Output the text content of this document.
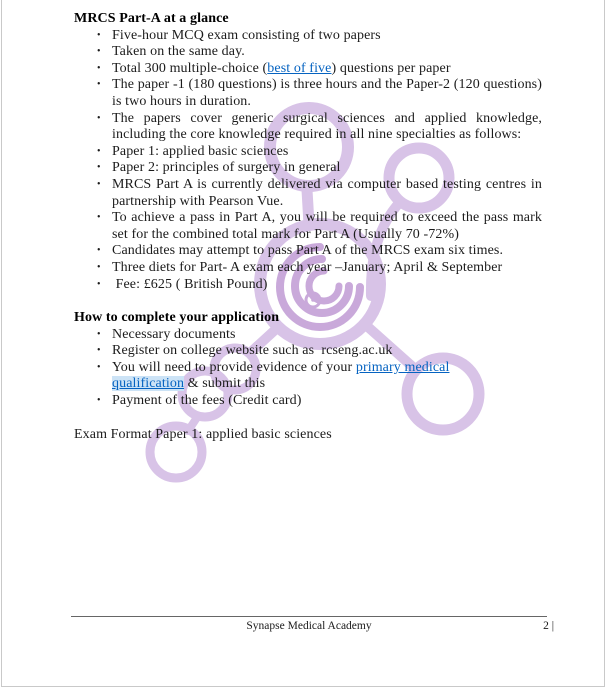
MRCS Part-A at a glance
• Five-hour MCQ exam consisting of two papers
• Taken on the same day.
• Total 300 multiple-choice (best of five) questions per paper
• The paper -1 (180 questions) is three hours and the Paper-2 (120 questions) is two hours in duration.
• The papers cover generic surgical sciences and applied knowledge, including the core knowledge required in all nine specialties as follows:
• Paper 1: applied basic sciences
• Paper 2: principles of surgery in general
• MRCS Part A is currently delivered via computer based testing centres in partnership with Pearson Vue.
• To achieve a pass in Part A, you will be required to exceed the pass mark set for the combined total mark for Part A (Usually 70 -72%)
• Candidates may attempt to pass Part A of the MRCS exam six times.
• Three diets for Part- A exam each year –January; April & September
• Fee: £625 ( British Pound)
How to complete your application
• Necessary documents
• Register on college website such as  rcseng.ac.uk
• You will need to provide evidence of your primary medical
qualification & submit this
• Payment of the fees (Credit card)
Exam Format Paper 1: applied basic sciences
Synapse Medical Academy	2 |
